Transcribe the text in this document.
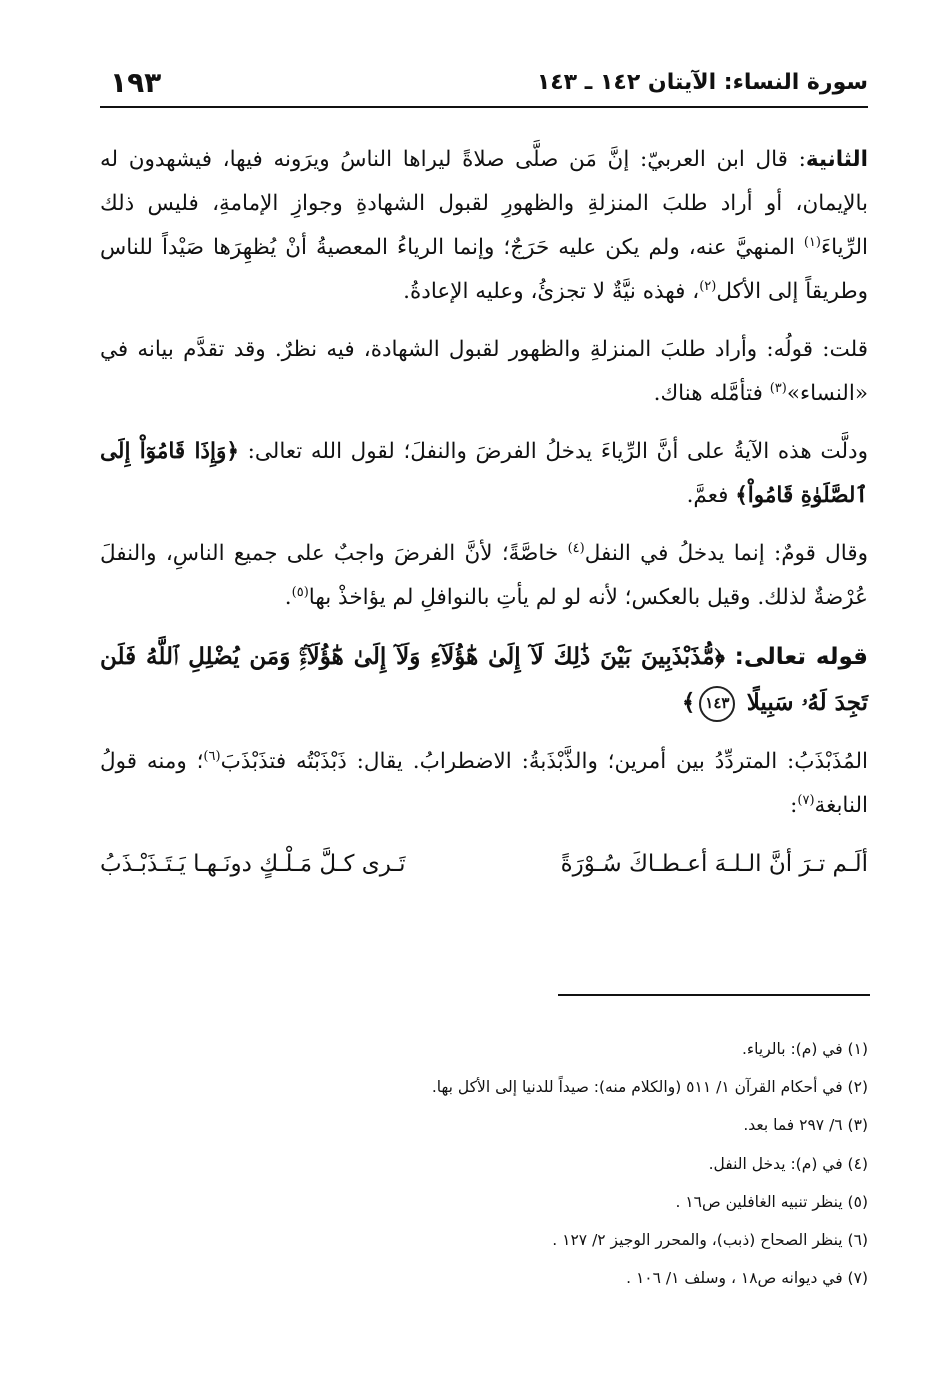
سورة النساء: الآيتان ١٤٢ ـ ١٤٣
١٩٣

الثانية: قال ابن العربيّ: إنَّ مَن صلَّى صلاةً ليراها الناسُ ويرَونه فيها، فيشهدون له بالإيمان، أو أراد طلبَ المنزلةِ والظهورِ لقبول الشهادةِ وجوازِ الإمامةِ، فليس ذلك الرِّياءَ$^{(١)}$ المنهيَّ عنه، ولم يكن عليه حَرَجٌ؛ وإنما الرياءُ المعصيةُ أنْ يُظهِرَها صَيْداً للناس وطريقاً إلى الأكل$^{(٢)}$، فهذه نيَّةٌ لا تجزئُ، وعليه الإعادةُ.

قلت: قولُه: وأراد طلبَ المنزلةِ والظهور لقبول الشهادة، فيه نظرٌ. وقد تقدَّم بيانه في «النساء»$^{(٣)}$ فتأمَّله هناك.

ودلَّت هذه الآيةُ على أنَّ الرِّياءَ يدخلُ الفرضَ والنفلَ؛ لقول الله تعالى: ﴿وَإِذَا قَامُوٓاْ إِلَى ٱلصَّلَوٰةِ قَامُواْ﴾ فعمَّ.

وقال قومٌ: إنما يدخلُ في النفل$^{(٤)}$ خاصَّةً؛ لأنَّ الفرضَ واجبٌ على جميع الناسِ، والنفلَ عُرْضةٌ لذلك. وقيل بالعكس؛ لأنه لو لم يأتِ بالنوافلِ لم يؤاخذْ بها$^{(٥)}$.

قوله تعالى: ﴿مُّذَبْذَبِينَ بَيْنَ ذَٰلِكَ لَآ إِلَىٰ هَٰٓؤُلَآءِ وَلَآ إِلَىٰ هَٰٓؤُلَآءِۚ وَمَن يُضْلِلِ ٱللَّهُ فَلَن تَجِدَ لَهُۥ سَبِيلًا ١٤٣﴾

المُذَبْذَبُ: المتردِّدُ بين أمرين؛ والذَّبْذَبةُ: الاضطرابُ. يقال: ذَبْذَبْتُه فتذَبْذَبَ$^{(٦)}$؛ ومنه قولُ النابغة$^{(٧)}$:

ألَـم تـرَ أنَّ الـلـهَ أعـطـاكَ سُـوْرَةً
تَـرى كـلَّ مَـلْـكٍ دونَـهـا يَـتَـذَبْـذَبُ
(١) في (م): بالرياء.
(٢) في أحكام القرآن ١/ ٥١١ (والكلام منه): صيداً للدنيا إلى الأكل بها.
(٣) ٦/ ٢٩٧ فما بعد.
(٤) في (م): يدخل النفل.
(٥) ينظر تنبيه الغافلين ص١٦ .
(٦) ينظر الصحاح (ذبب)، والمحرر الوجيز ٢/ ١٢٧ .
(٧) في ديوانه ص١٨ ، وسلف ١/ ١٠٦ .
